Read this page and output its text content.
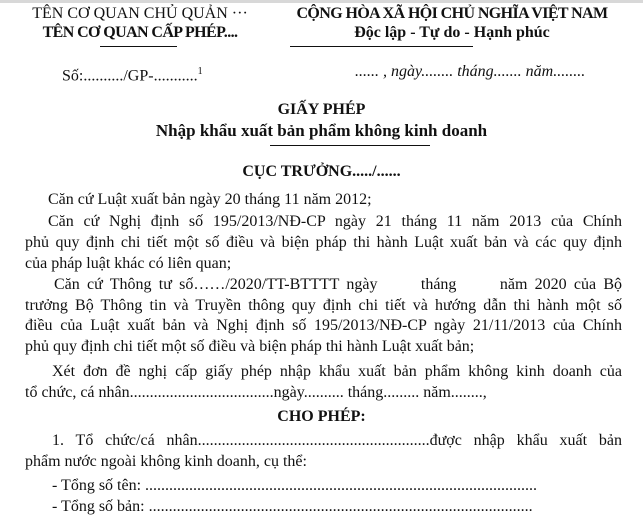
TÊN CƠ QUAN CHỦ QUẢN ···
TÊN CƠ QUAN CẤP PHÉP....
CỘNG HÒA XÃ HỘI CHỦ NGHĨA VIỆT NAM
Độc lập - Tự do - Hạnh phúc
Số:........../GP-...........$^1$	...... , ngày........ tháng....... năm........
GIẤY PHÉP
Nhập khẩu xuất bản phẩm không kinh doanh
CỤC TRƯỞNG...../......
Căn cứ Luật xuất bản ngày 20 tháng 11 năm 2012;
Căn cứ Nghị định số 195/2013/NĐ-CP ngày 21 tháng 11 năm 2013 của Chính
phủ quy định chi tiết một số điều và biện pháp thi hành Luật xuất bản và các quy định
của pháp luật khác có liên quan;
Căn cứ Thông tư số……/2020/TT-BTTTT ngày      tháng      năm 2020 của Bộ
trưởng Bộ Thông tin và Truyền thông quy định chi tiết và hướng dẫn thi hành một số
điều của Luật xuất bản và Nghị định số 195/2013/NĐ-CP ngày 21/11/2013 của Chính
phủ quy định chi tiết một số điều và biện pháp thi hành Luật xuất bản;
Xét đơn đề nghị cấp giấy phép nhập khẩu xuất bản phẩm không kinh doanh của
tổ chức, cá nhân....................................ngày.......... tháng......... năm........,
CHO PHÉP:
1. Tổ chức/cá nhân..........................................................được nhập khẩu xuất bản
phẩm nước ngoài không kinh doanh, cụ thể:
- Tổng số tên: ..................................................................................................
- Tổng số bản: ................................................................................................
